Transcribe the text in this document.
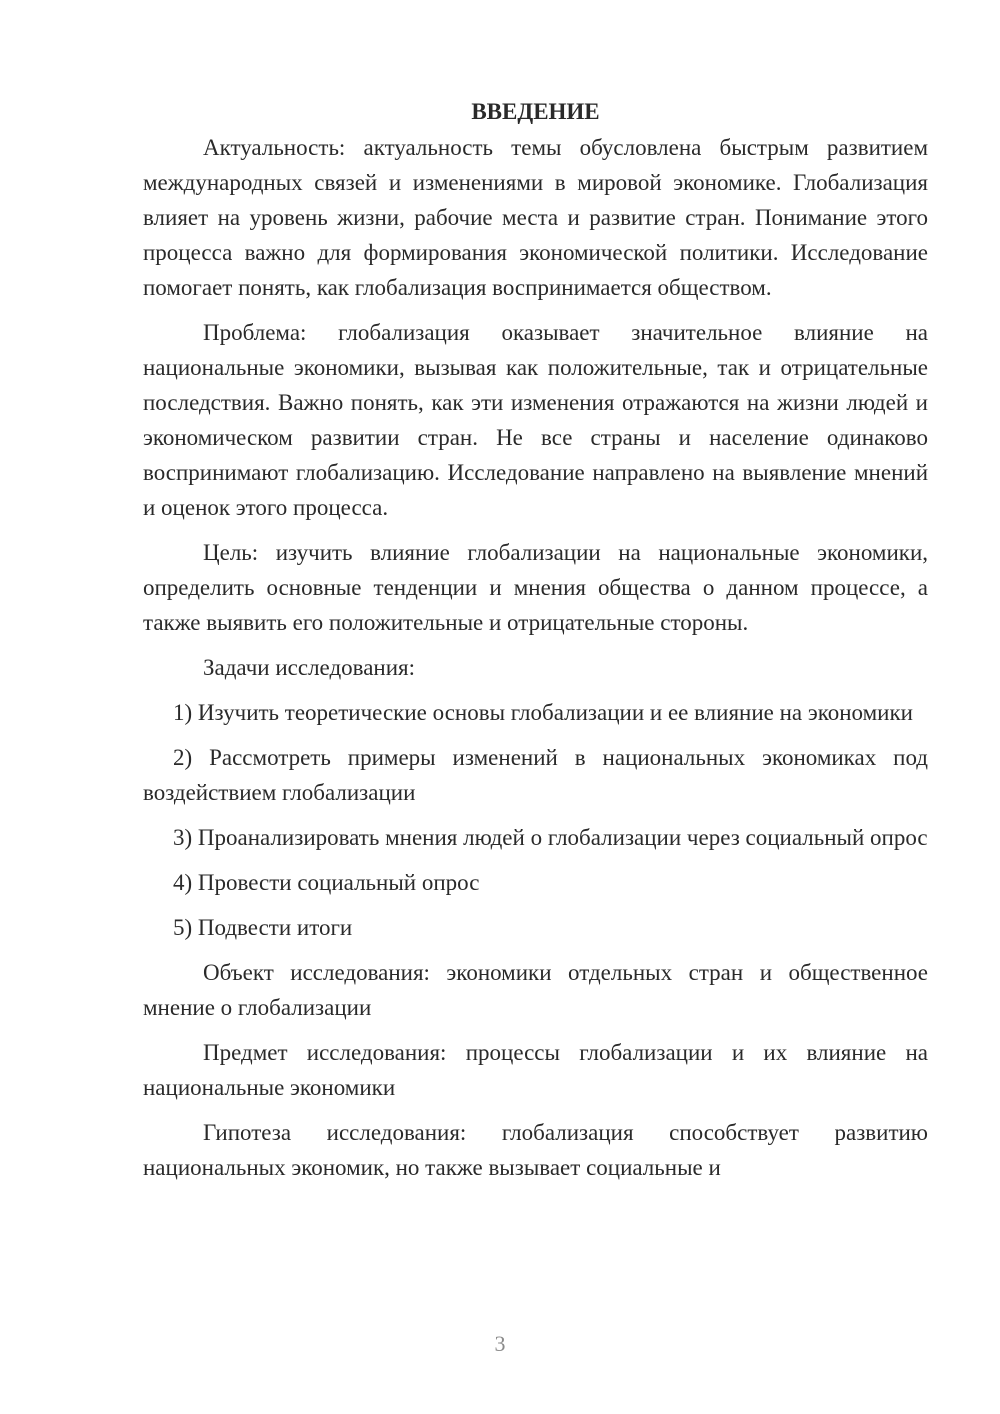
ВВЕДЕНИЕ

Актуальность: актуальность темы обусловлена быстрым развитием международных связей и изменениями в мировой экономике. Глобализация влияет на уровень жизни, рабочие места и развитие стран. Понимание этого процесса важно для формирования экономической политики. Исследование помогает понять, как глобализация воспринимается обществом.

Проблема: глобализация оказывает значительное влияние на национальные экономики, вызывая как положительные, так и отрицательные последствия. Важно понять, как эти изменения отражаются на жизни людей и экономическом развитии стран. Не все страны и население одинаково воспринимают глобализацию. Исследование направлено на выявление мнений и оценок этого процесса.

Цель: изучить влияние глобализации на национальные экономики, определить основные тенденции и мнения общества о данном процессе, а также выявить его положительные и отрицательные стороны.

Задачи исследования:

1) Изучить теоретические основы глобализации и ее влияние на экономики

2) Рассмотреть примеры изменений в национальных экономиках под воздействием глобализации

3) Проанализировать мнения людей о глобализации через социальный опрос

4) Провести социальный опрос

5) Подвести итоги

Объект исследования: экономики отдельных стран и общественное мнение о глобализации

Предмет исследования: процессы глобализации и их влияние на национальные экономики

Гипотеза исследования: глобализация способствует развитию национальных экономик, но также вызывает социальные и

3
